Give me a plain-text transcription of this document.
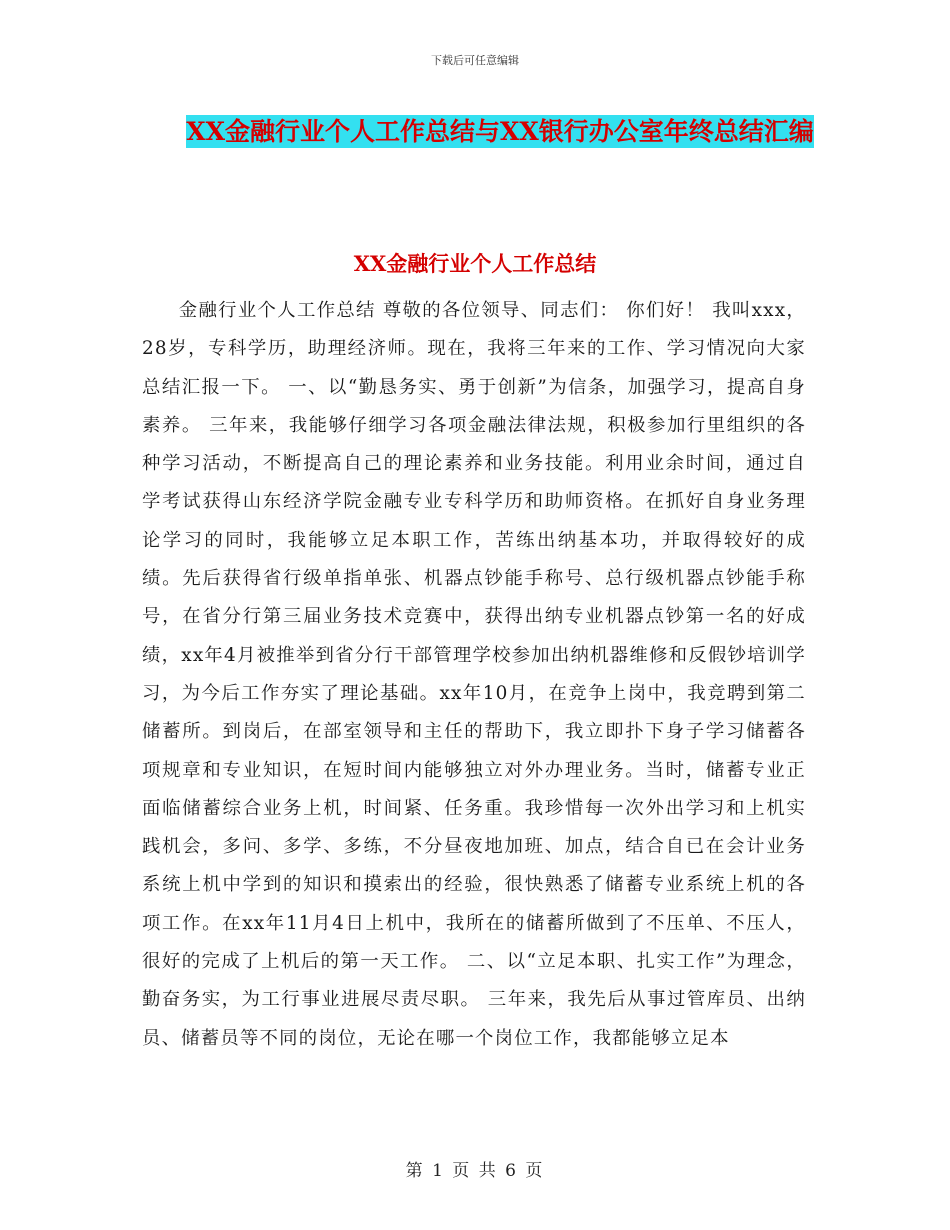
下载后可任意编辑
XX金融行业个人工作总结与XX银行办公室年终总结汇编
XX金融行业个人工作总结

金融行业个人工作总结 尊敬的各位领导、同志们： 你们好！ 我叫xxx，28岁，专科学历，助理经济师。现在，我将三年来的工作、学习情况向大家总结汇报一下。 一、以“勤恳务实、勇于创新”为信条，加强学习，提高自身素养。 三年来，我能够仔细学习各项金融法律法规，积极参加行里组织的各种学习活动，不断提高自己的理论素养和业务技能。利用业余时间，通过自学考试获得山东经济学院金融专业专科学历和助师资格。在抓好自身业务理论学习的同时，我能够立足本职工作，苦练出纳基本功，并取得较好的成绩。先后获得省行级单指单张、机器点钞能手称号、总行级机器点钞能手称号，在省分行第三届业务技术竞赛中，获得出纳专业机器点钞第一名的好成绩，xx年4月被推举到省分行干部管理学校参加出纳机器维修和反假钞培训学习，为今后工作夯实了理论基础。xx年10月，在竞争上岗中，我竞聘到第二储蓄所。到岗后，在部室领导和主任的帮助下，我立即扑下身子学习储蓄各项规章和专业知识，在短时间内能够独立对外办理业务。当时，储蓄专业正面临储蓄综合业务上机，时间紧、任务重。我珍惜每一次外出学习和上机实践机会，多问、多学、多练，不分昼夜地加班、加点，结合自已在会计业务系统上机中学到的知识和摸索出的经验，很快熟悉了储蓄专业系统上机的各项工作。在xx年11月4日上机中，我所在的储蓄所做到了不压单、不压人，很好的完成了上机后的第一天工作。 二、以“立足本职、扎实工作”为理念，勤奋务实，为工行事业进展尽责尽职。 三年来，我先后从事过管库员、出纳员、储蓄员等不同的岗位，无论在哪一个岗位工作，我都能够立足本

第 1 页 共 6 页
